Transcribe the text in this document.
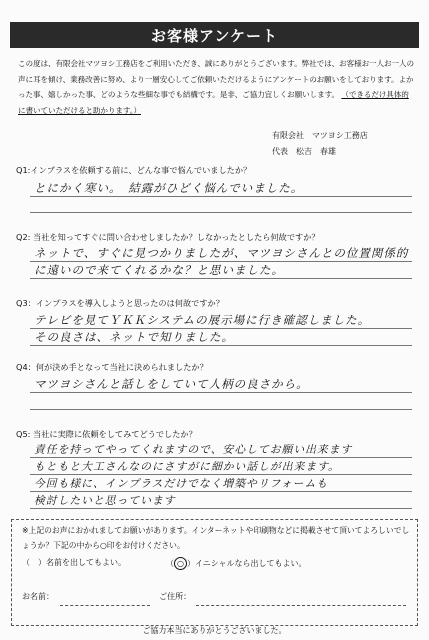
お客様アンケート
この度は、有限会社マツヨシ工務店をご利用いただき、誠にありがとうございます。弊社では、お客様お一人お一人の声に耳を傾け、業務改善に努め、より一層安心してご依頼いただけるようにアンケートのお願いをしております。よかった事、嬉しかった事、どのような些細な事でも結構です。是非、ご協力宜しくお願いします。 （できるだけ具体的に書いていただけると助かります。）
有限会社　マツヨシ工務店
代表　松吉　春雄
Q1:インプラスを依頼する前に、どんな事で悩んでいましたか？
とにかく寒い。　結露がひどく悩んでいました。
Q2: 当社を知ってすぐに問い合わせしましたか？しなかったとしたら何故ですか？
ネットで、すぐに見つかりましたが、マツヨシさんとの位置関係的
に遠いので来てくれるかな？と思いました。
Q3：インプラスを導入しようと思ったのは何故ですか？
テレビを見てＹＫＫシステムの展示場に行き確認しました。
その良さは、ネットで知りました。
Q4：何が決め手となって当社に決められましたか？
マツヨシさんと話しをしていて人柄の良さから。
Q5: 当社に実際に依頼をしてみてどうでしたか？
責任を持ってやってくれますので、安心してお願い出来ます
もともと大工さんなのにさすがに細かい話しが出来ます。
今回も様に、インプラスだけでなく増築やリフォームも
検討したいと思っています
※上記のお声におかれましてお願いがあります。インターネットや印刷物などに掲載させて頂いてよろしいでしょうか？下記の中から○印をお付けください。
（　）名前を出してもよい。	（ ○ ）イニシャルなら出してもよい。
お名前：	ご住所：
ご協力本当にありがとうございました。
